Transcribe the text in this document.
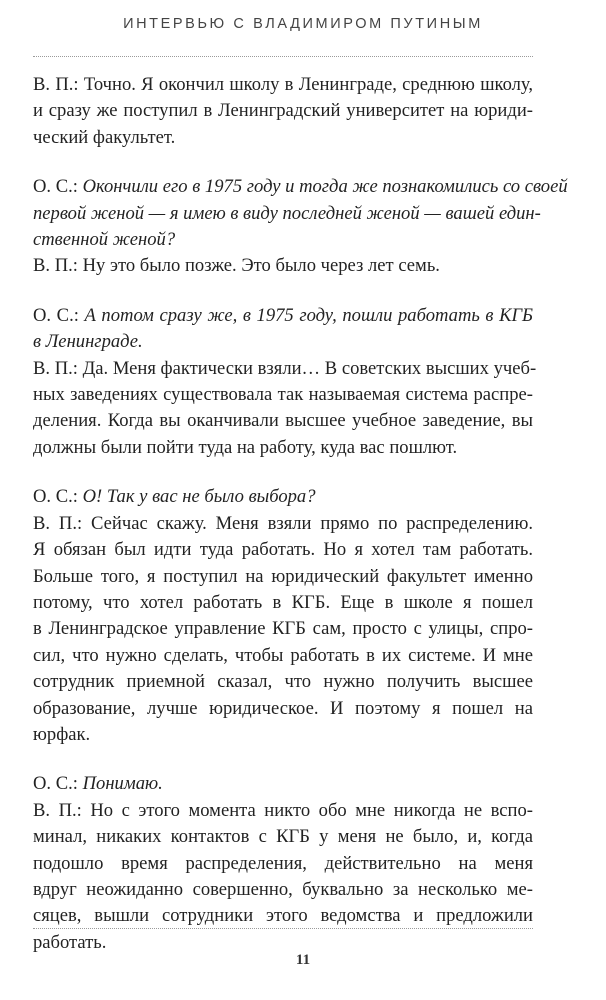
ИНТЕРВЬЮ С ВЛАДИМИРОМ ПУТИНЫМ
В. П.: Точно. Я окончил школу в Ленинграде, среднюю школу,
и сразу же поступил в Ленинградский университет на юриди-
ческий факультет.
О. С.: Окончили его в 1975 году и тогда же познакомились со своей
первой женой — я имею в виду последней женой — вашей един-
ственной женой?
В. П.: Ну это было позже. Это было через лет семь.
О. С.: А потом сразу же, в 1975 году, пошли работать в КГБ
в Ленинграде.
В. П.: Да. Меня фактически взяли… В советских высших учеб-
ных заведениях существовала так называемая система распре-
деления. Когда вы оканчивали высшее учебное заведение, вы
должны были пойти туда на работу, куда вас пошлют.
О. С.: О! Так у вас не было выбора?
В. П.: Сейчас скажу. Меня взяли прямо по распределению.
Я обязан был идти туда работать. Но я хотел там работать.
Больше того, я поступил на юридический факультет именно
потому, что хотел работать в КГБ. Еще в школе я пошел
в Ленинградское управление КГБ сам, просто с улицы, спро-
сил, что нужно сделать, чтобы работать в их системе. И мне
сотрудник приемной сказал, что нужно получить высшее
образование, лучше юридическое. И поэтому я пошел на
юрфак.
О. С.: Понимаю.
В. П.: Но с этого момента никто обо мне никогда не вспо-
минал, никаких контактов с КГБ у меня не было, и, когда
подошло время распределения, действительно на меня
вдруг неожиданно совершенно, буквально за несколько ме-
сяцев, вышли сотрудники этого ведомства и предложили
работать.
11
